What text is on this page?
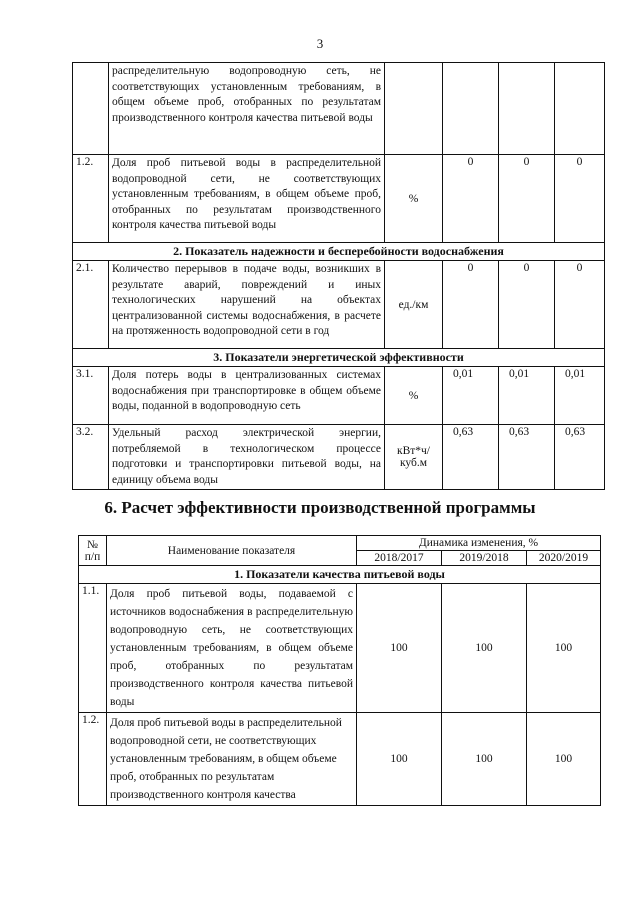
3
	распределительную водопроводную сеть, не соответствующих установленным требованиям, в общем объеме проб, отобранных по результатам производственного контроля качества питьевой воды				
1.2.	Доля проб питьевой воды в распределительной водопроводной сети, не соответствующих установленным требованиям, в общем объеме проб, отобранных по результатам производственного контроля качества питьевой воды	%	0	0	0
2. Показатель надежности и бесперебойности водоснабжения					
2.1.	Количество перерывов в подаче воды, возникших в результате аварий, повреждений и иных технологических нарушений на объектах централизованной системы водоснабжения, в расчете на протяженность водопроводной сети в год	ед./км	0	0	0
3. Показатели энергетической эффективности					
3.1.	Доля потерь воды в централизованных системах водоснабжения при транспортировке в общем объеме воды, поданной в водопроводную сеть	%	0,01	0,01	0,01
3.2.	Удельный расход электрической энергии, потребляемой в технологическом процессе подготовки и транспортировки питьевой воды, на единицу объема воды	кВт*ч/ куб.м	0,63	0,63	0,63
6. Расчет эффективности производственной программы
№ п/п	Наименование показателя	Динамика изменения, %		
		2018/2017	2019/2018	2020/2019
1. Показатели качества питьевой воды				
1.1.	Доля проб питьевой воды, подаваемой с источников водоснабжения в распределительную водопроводную сеть, не соответствующих установленным требованиям, в общем объеме проб, отобранных по результатам производственного контроля качества питьевой воды	100	100	100
1.2.	Доля проб питьевой воды в распределительной водопроводной сети, не соответствующих установленным требованиям, в общем объеме проб, отобранных по результатам производственного контроля качества	100	100	100
